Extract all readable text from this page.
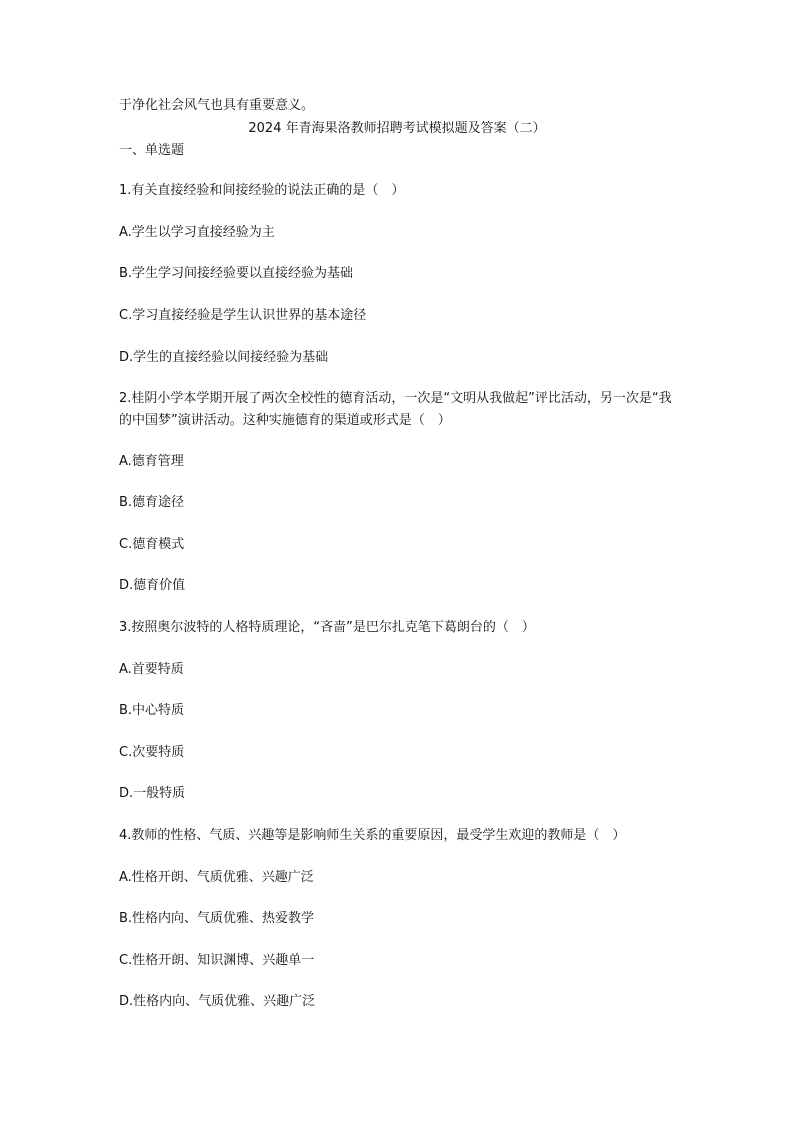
于净化社会风气也具有重要意义。
2024 年青海果洛教师招聘考试模拟题及答案（二）
一、单选题
1.有关直接经验和间接经验的说法正确的是（　）
A.学生以学习直接经验为主
B.学生学习间接经验要以直接经验为基础
C.学习直接经验是学生认识世界的基本途径
D.学生的直接经验以间接经验为基础
2.桂阴小学本学期开展了两次全校性的德育活动，一次是“文明从我做起”评比活动，另一次是“我的中国梦”演讲活动。这种实施德育的渠道或形式是（　）
A.德育管理
B.德育途径
C.德育模式
D.德育价值
3.按照奥尔波特的人格特质理论，“吝啬”是巴尔扎克笔下葛朗台的（　）
A.首要特质
B.中心特质
C.次要特质
D.一般特质
4.教师的性格、气质、兴趣等是影响师生关系的重要原因，最受学生欢迎的教师是（　）
A.性格开朗、气质优雅、兴趣广泛
B.性格内向、气质优雅、热爱教学
C.性格开朗、知识渊博、兴趣单一
D.性格内向、气质优雅、兴趣广泛
